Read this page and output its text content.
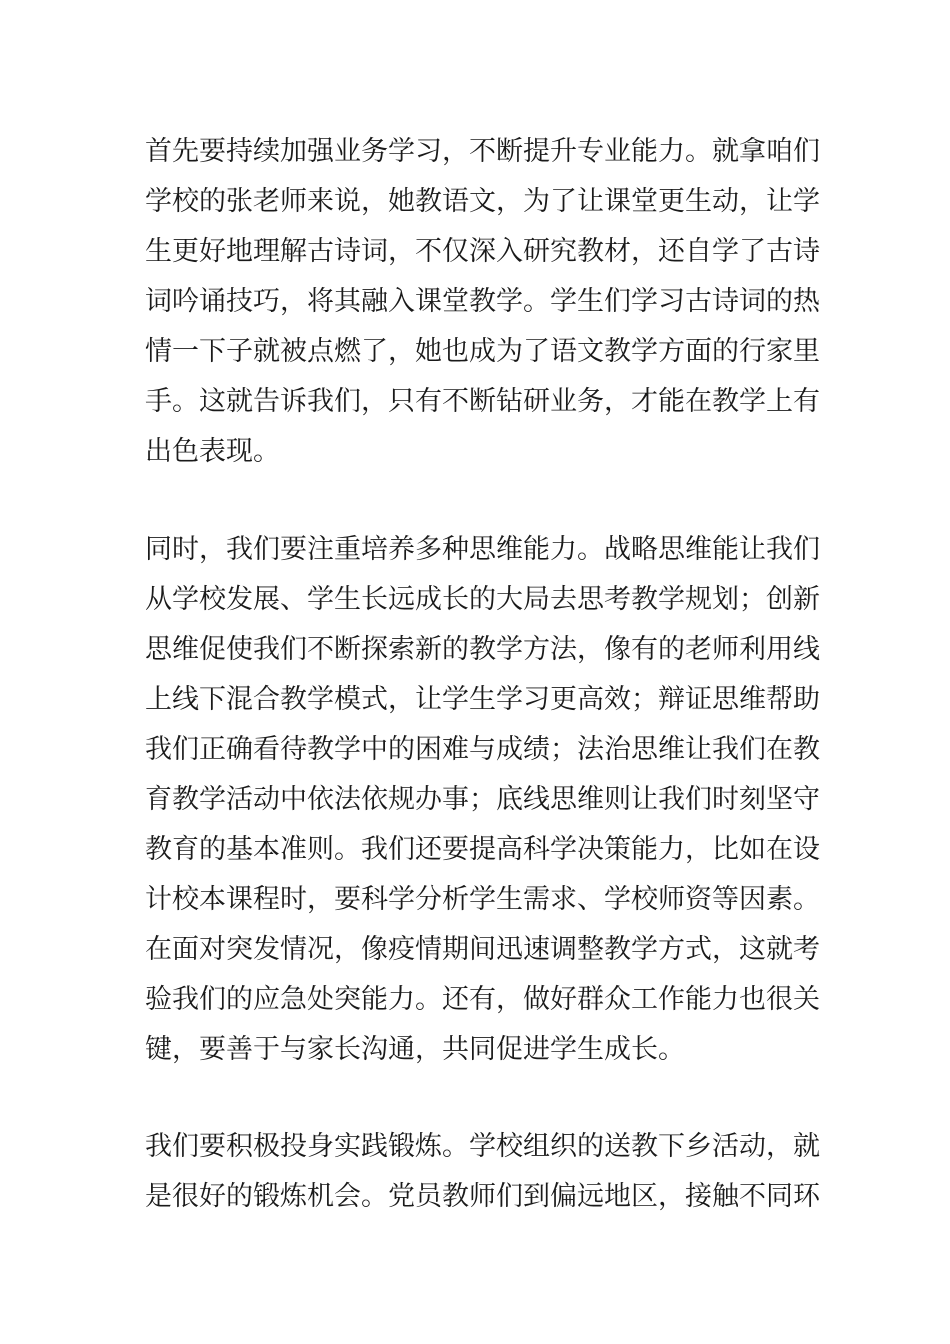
首先要持续加强业务学习，不断提升专业能力。就拿咱们
学校的张老师来说，她教语文，为了让课堂更生动，让学
生更好地理解古诗词，不仅深入研究教材，还自学了古诗
词吟诵技巧，将其融入课堂教学。学生们学习古诗词的热
情一下子就被点燃了，她也成为了语文教学方面的行家里
手。这就告诉我们，只有不断钻研业务，才能在教学上有
出色表现。

同时，我们要注重培养多种思维能力。战略思维能让我们
从学校发展、学生长远成长的大局去思考教学规划；创新
思维促使我们不断探索新的教学方法，像有的老师利用线
上线下混合教学模式，让学生学习更高效；辩证思维帮助
我们正确看待教学中的困难与成绩；法治思维让我们在教
育教学活动中依法依规办事；底线思维则让我们时刻坚守
教育的基本准则。我们还要提高科学决策能力，比如在设
计校本课程时，要科学分析学生需求、学校师资等因素。
在面对突发情况，像疫情期间迅速调整教学方式，这就考
验我们的应急处突能力。还有，做好群众工作能力也很关
键，要善于与家长沟通，共同促进学生成长。

我们要积极投身实践锻炼。学校组织的送教下乡活动，就
是很好的锻炼机会。党员教师们到偏远地区，接触不同环
